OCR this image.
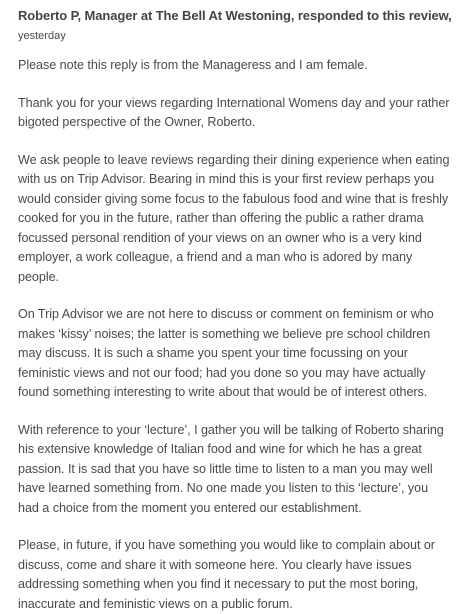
Roberto P, Manager at The Bell At Westoning, responded to this review,
yesterday

Please note this reply is from the Manageress and I am female.

Thank you for your views regarding International Womens day and your rather bigoted perspective of the Owner, Roberto.

We ask people to leave reviews regarding their dining experience when eating with us on Trip Advisor. Bearing in mind this is your first review perhaps you would consider giving some focus to the fabulous food and wine that is freshly cooked for you in the future, rather than offering the public a rather drama focussed personal rendition of your views on an owner who is a very kind employer, a work colleague, a friend and a man who is adored by many people.

On Trip Advisor we are not here to discuss or comment on feminism or who makes ‘kissy’ noises; the latter is something we believe pre school children may discuss. It is such a shame you spent your time focussing on your feministic views and not our food; had you done so you may have actually found something interesting to write about that would be of interest others.

With reference to your ‘lecture’, I gather you will be talking of Roberto sharing his extensive knowledge of Italian food and wine for which he has a great passion. It is sad that you have so little time to listen to a man you may well have learned something from. No one made you listen to this ‘lecture’, you had a choice from the moment you entered our establishment.

Please, in future, if you have something you would like to complain about or discuss, come and share it with someone here. You clearly have issues addressing something when you find it necessary to put the most boring, inaccurate and feministic views on a public forum.
